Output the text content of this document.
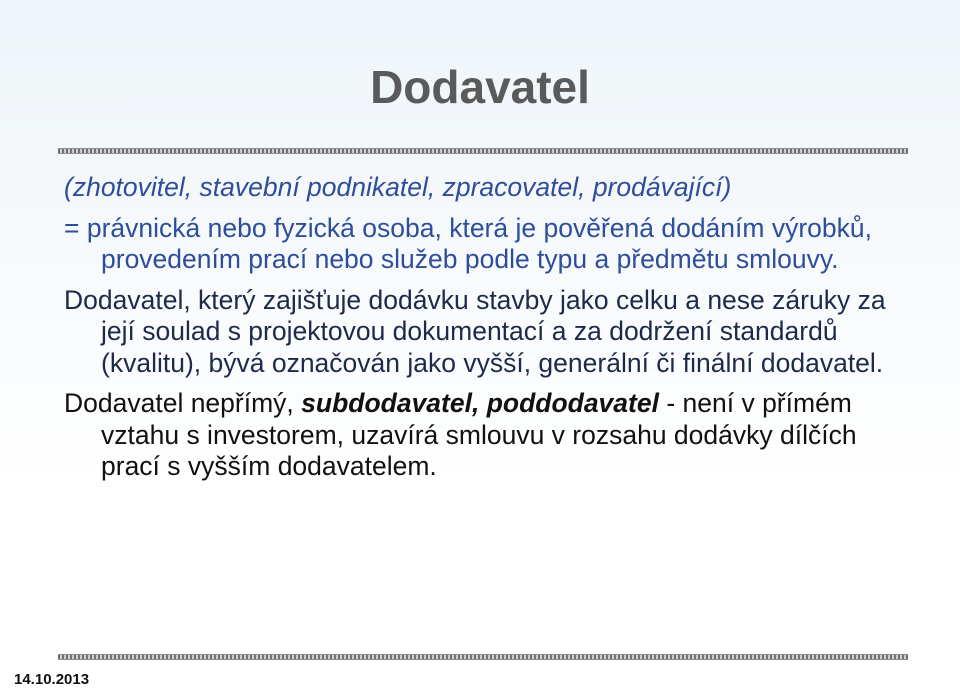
Dodavatel

(zhotovitel, stavební podnikatel, zpracovatel, prodávající)

= právnická nebo fyzická osoba, která je pověřená dodáním výrobků, provedením prací nebo služeb podle typu a předmětu smlouvy.

Dodavatel, který zajišťuje dodávku stavby jako celku a nese záruky za její soulad s projektovou dokumentací a za dodržení standardů (kvalitu), bývá označován jako vyšší, generální či finální dodavatel.

Dodavatel nepřímý, subdodavatel, poddodavatel - není v přímém vztahu s investorem, uzavírá smlouvu v rozsahu dodávky dílčích prací s vyšším dodavatelem.

14.10.2013
